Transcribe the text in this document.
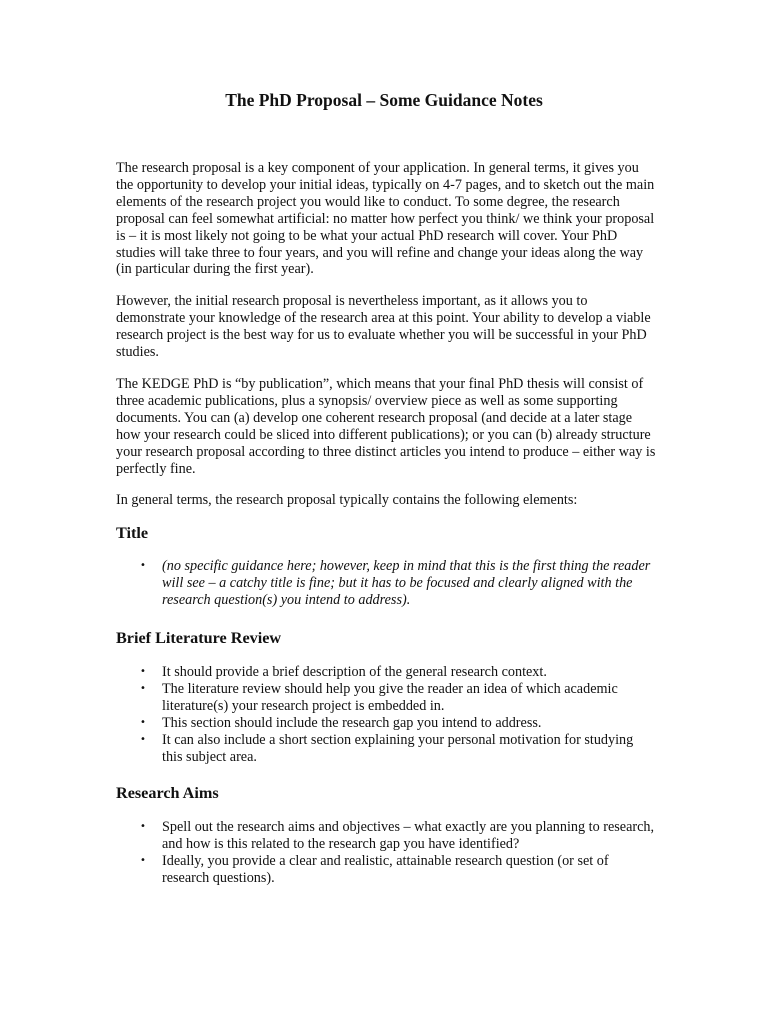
The PhD Proposal – Some Guidance Notes

The research proposal is a key component of your application. In general terms, it gives you the opportunity to develop your initial ideas, typically on 4-7 pages, and to sketch out the main elements of the research project you would like to conduct. To some degree, the research proposal can feel somewhat artificial: no matter how perfect you think/ we think your proposal is – it is most likely not going to be what your actual PhD research will cover. Your PhD studies will take three to four years, and you will refine and change your ideas along the way (in particular during the first year).

However, the initial research proposal is nevertheless important, as it allows you to demonstrate your knowledge of the research area at this point. Your ability to develop a viable research project is the best way for us to evaluate whether you will be successful in your PhD studies.

The KEDGE PhD is “by publication”, which means that your final PhD thesis will consist of three academic publications, plus a synopsis/ overview piece as well as some supporting documents. You can (a) develop one coherent research proposal (and decide at a later stage how your research could be sliced into different publications); or you can (b) already structure your research proposal according to three distinct articles you intend to produce – either way is perfectly fine.

In general terms, the research proposal typically contains the following elements:

Title
• (no specific guidance here; however, keep in mind that this is the first thing the reader will see – a catchy title is fine; but it has to be focused and clearly aligned with the research question(s) you intend to address).
Brief Literature Review
• It should provide a brief description of the general research context.
• The literature review should help you give the reader an idea of which academic literature(s) your research project is embedded in.
• This section should include the research gap you intend to address.
• It can also include a short section explaining your personal motivation for studying this subject area.
Research Aims
• Spell out the research aims and objectives – what exactly are you planning to research, and how is this related to the research gap you have identified?
• Ideally, you provide a clear and realistic, attainable research question (or set of research questions).
